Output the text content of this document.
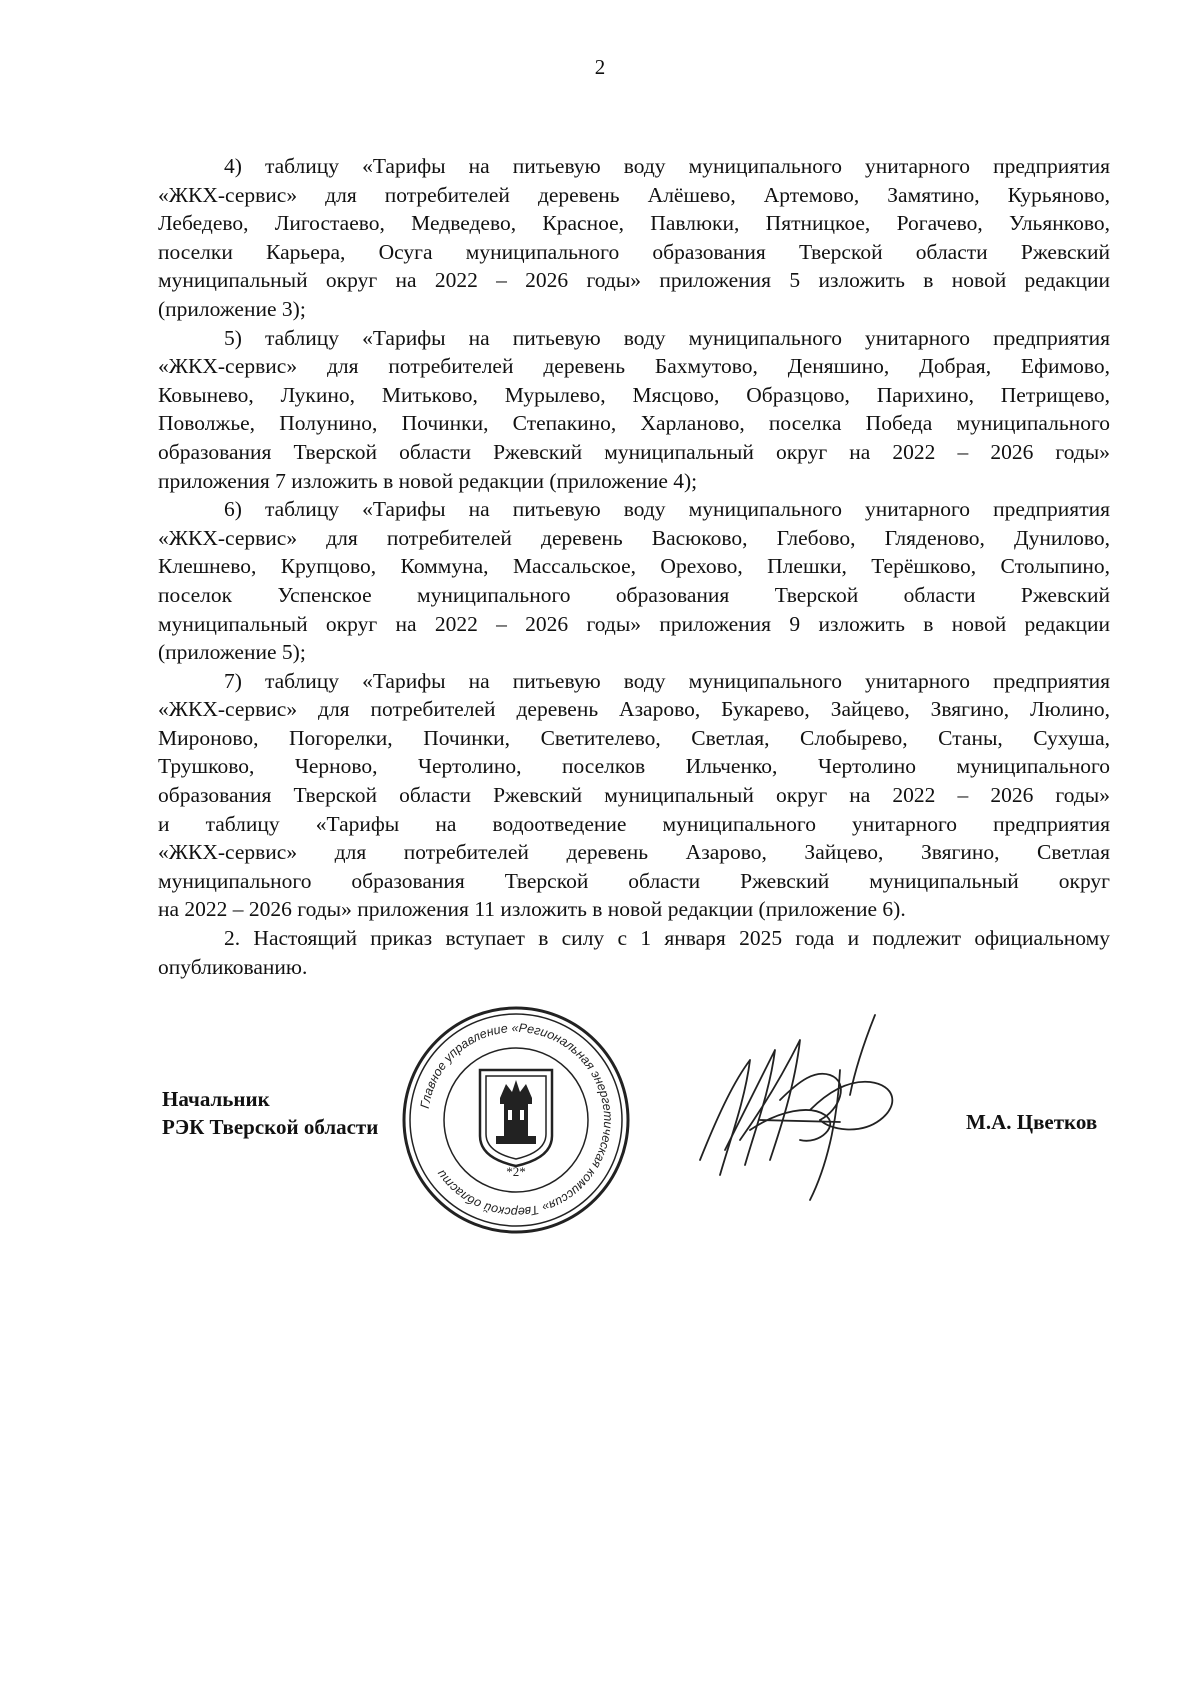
2
4) таблицу «Тарифы на питьевую воду муниципального унитарного предприятия
«ЖКХ-сервис» для потребителей деревень Алёшево, Артемово, Замятино, Курьяново,
Лебедево, Лигостаево, Медведево, Красное, Павлюки, Пятницкое, Рогачево, Ульянково,
поселки Карьера, Осуга муниципального образования Тверской области Ржевский
муниципальный округ на 2022 – 2026 годы» приложения 5 изложить в новой редакции
(приложение 3);
5) таблицу «Тарифы на питьевую воду муниципального унитарного предприятия
«ЖКХ-сервис» для потребителей деревень Бахмутово, Деняшино, Добрая, Ефимово,
Ковынево, Лукино, Митьково, Мурылево, Мясцово, Образцово, Парихино, Петрищево,
Поволжье, Полунино, Починки, Степакино, Харланово, поселка Победа муниципального
образования Тверской области Ржевский муниципальный округ на 2022 – 2026 годы»
приложения 7 изложить в новой редакции (приложение 4);
6) таблицу «Тарифы на питьевую воду муниципального унитарного предприятия
«ЖКХ-сервис» для потребителей деревень Васюково, Глебово, Гляденово, Дунилово,
Клешнево, Крупцово, Коммуна, Массальское, Орехово, Плешки, Терёшково, Столыпино,
поселок Успенское муниципального образования Тверской области Ржевский
муниципальный округ на 2022 – 2026 годы» приложения 9 изложить в новой редакции
(приложение 5);
7) таблицу «Тарифы на питьевую воду муниципального унитарного предприятия
«ЖКХ-сервис» для потребителей деревень Азарово, Букарево, Зайцево, Звягино, Люлино,
Мироново, Погорелки, Починки, Светителево, Светлая, Слобырево, Станы, Сухуша,
Трушково, Черново, Чертолино, поселков Ильченко, Чертолино муниципального
образования Тверской области Ржевский муниципальный округ на 2022 – 2026 годы»
и таблицу «Тарифы на водоотведение муниципального унитарного предприятия
«ЖКХ-сервис» для потребителей деревень Азарово, Зайцево, Звягино, Светлая
муниципального образования Тверской области Ржевский муниципальный округ
на 2022 – 2026 годы» приложения 11 изложить в новой редакции (приложение 6).
2. Настоящий приказ вступает в силу с 1 января 2025 года и подлежит официальному
опубликованию.
Начальник
РЭК Тверской области
Главное управление «Региональная энергетическая комиссия» Тверской области	*2*
М.А. Цветков
